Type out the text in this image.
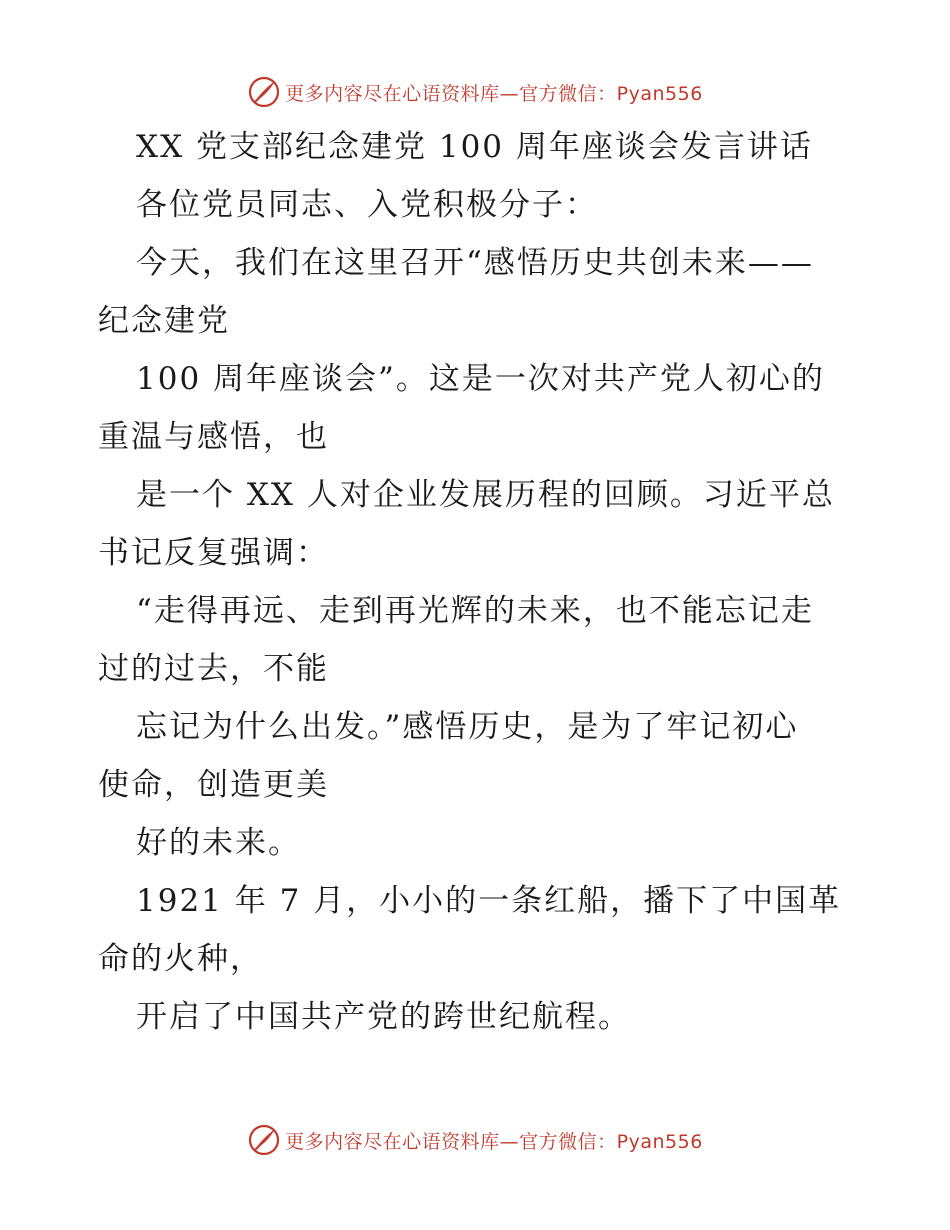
更多内容尽在心语资料库—官方微信：Pyan556
XX 党支部纪念建党 100 周年座谈会发言讲话
各位党员同志、入党积极分子：
今天，我们在这里召开“感悟历史共创未来——
纪念建党
100 周年座谈会”。这是一次对共产党人初心的
重温与感悟，也
是一个 XX 人对企业发展历程的回顾。习近平总
书记反复强调：
“走得再远、走到再光辉的未来，也不能忘记走
过的过去，不能
忘记为什么出发。”感悟历史，是为了牢记初心
使命，创造更美
好的未来。
1921 年 7 月，小小的一条红船，播下了中国革
命的火种，
开启了中国共产党的跨世纪航程。
更多内容尽在心语资料库—官方微信：Pyan556
